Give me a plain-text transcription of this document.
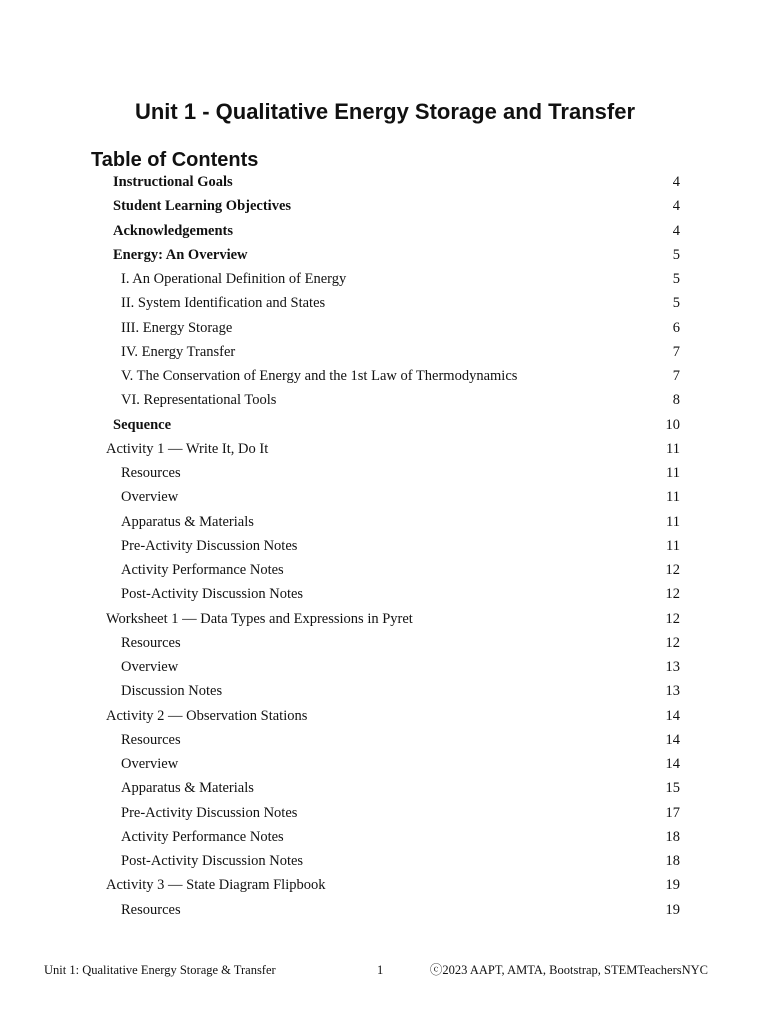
Unit 1 - Qualitative Energy Storage and Transfer
Table of Contents
Instructional Goals	4
Student Learning Objectives	4
Acknowledgements	4
Energy: An Overview	5
I. An Operational Definition of Energy	5
II. System Identification and States	5
III. Energy Storage	6
IV. Energy Transfer	7
V. The Conservation of Energy and the 1st Law of Thermodynamics	7
VI. Representational Tools	8
Sequence	10
Activity 1 — Write It, Do It	11
Resources	11
Overview	11
Apparatus & Materials	11
Pre-Activity Discussion Notes	11
Activity Performance Notes	12
Post-Activity Discussion Notes	12
Worksheet 1 — Data Types and Expressions in Pyret	12
Resources	12
Overview	13
Discussion Notes	13
Activity 2 — Observation Stations	14
Resources	14
Overview	14
Apparatus & Materials	15
Pre-Activity Discussion Notes	17
Activity Performance Notes	18
Post-Activity Discussion Notes	18
Activity 3 — State Diagram Flipbook	19
Resources	19
Unit 1: Qualitative Energy Storage & Transfer	1	ⓒ2023 AAPT, AMTA, Bootstrap, STEMTeachersNYC
